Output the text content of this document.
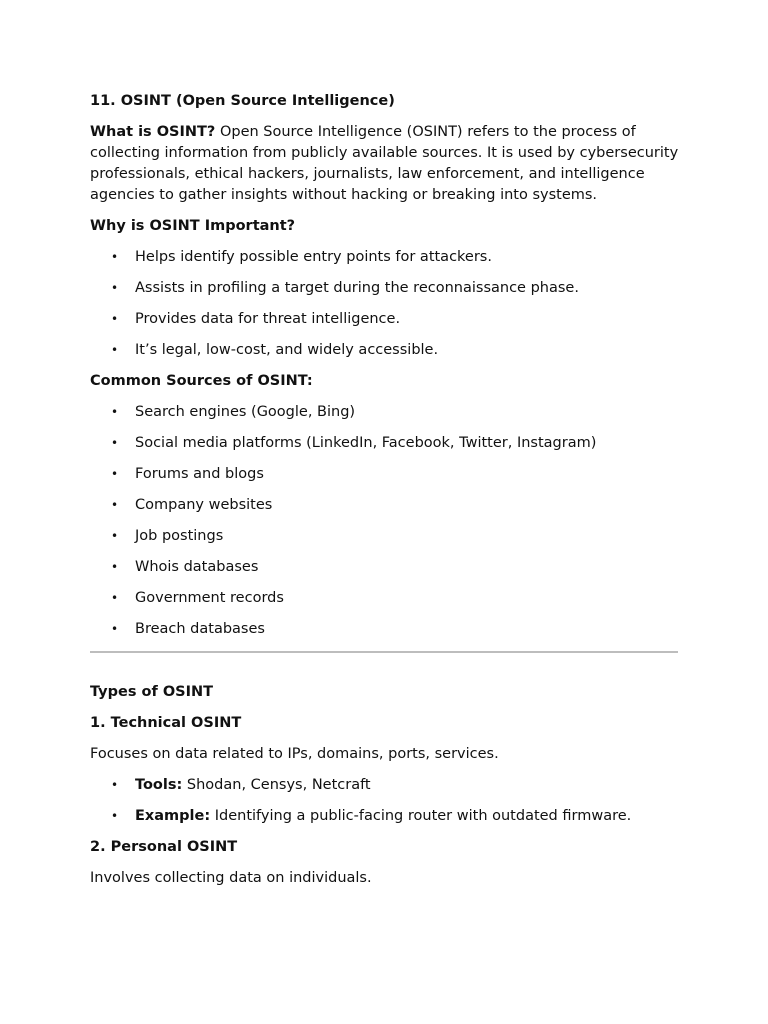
11. OSINT (Open Source Intelligence)

What is OSINT? Open Source Intelligence (OSINT) refers to the process of collecting information from publicly available sources. It is used by cybersecurity professionals, ethical hackers, journalists, law enforcement, and intelligence agencies to gather insights without hacking or breaking into systems.

Why is OSINT Important?
• Helps identify possible entry points for attackers.
• Assists in profiling a target during the reconnaissance phase.
• Provides data for threat intelligence.
• It’s legal, low-cost, and widely accessible.
Common Sources of OSINT:
• Search engines (Google, Bing)
• Social media platforms (LinkedIn, Facebook, Twitter, Instagram)
• Forums and blogs
• Company websites
• Job postings
• Whois databases
• Government records
• Breach databases
Types of OSINT
1. Technical OSINT

Focuses on data related to IPs, domains, ports, services.

• Tools: Shodan, Censys, Netcraft
• Example: Identifying a public-facing router with outdated firmware.
2. Personal OSINT

Involves collecting data on individuals.
